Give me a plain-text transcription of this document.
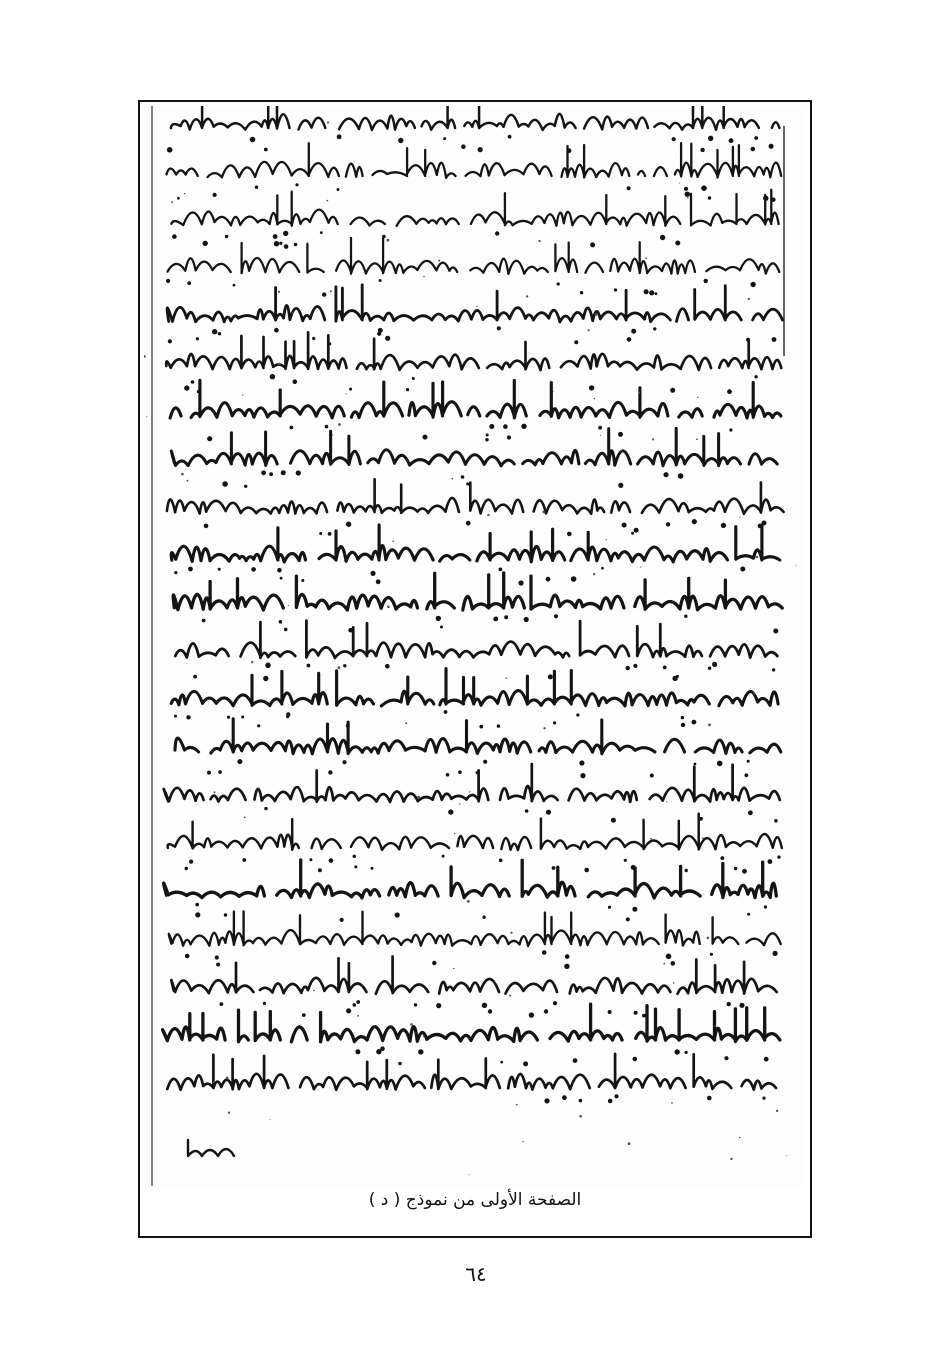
الصفحة الأولى من نموذج ( د )
٦٤
